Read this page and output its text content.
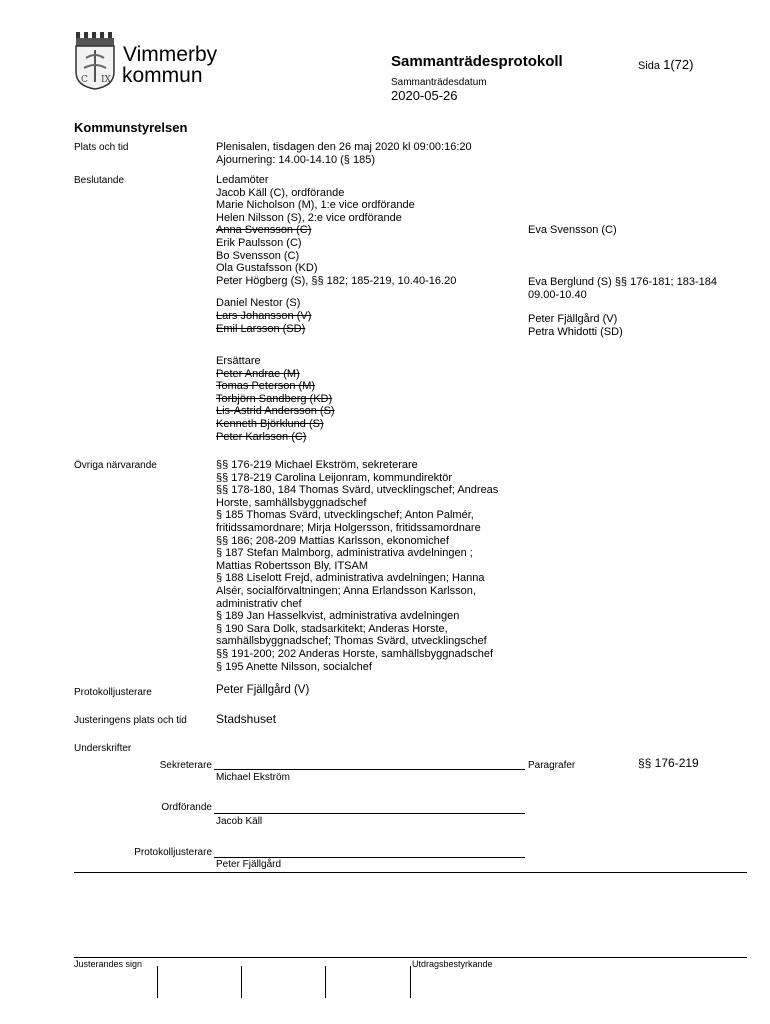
C IX
Vimmerby
kommun
Sammanträdesprotokoll	Sida 1(72)
Sammanträdesdatum
2020-05-26
Kommunstyrelsen
Plats och tid	Plenisalen, tisdagen den 26 maj 2020 kl 09:00:16:20
Ajournering: 14.00-14.10 (§ 185)
Beslutande	Ledamöter
Jacob Käll (C), ordförande
Marie Nicholson (M), 1:e vice ordförande
Helen Nilsson (S), 2:e vice ordförande
Anna Svensson (C)
Erik Paulsson (C)
Bo Svensson (C)
Ola Gustafsson (KD)
Peter Högberg (S), §§ 182; 185-219, 10.40-16.20
Daniel Nestor (S)
Lars Johansson (V)
Emil Larsson (SD)
Eva Svensson (C)
Eva Berglund (S) §§ 176-181; 183-184
09.00-10.40
Peter Fjällgård (V)
Petra Whidotti (SD)
Ersättare
Peter Andrae (M)
Tomas Peterson (M)
Torbjörn Sandberg (KD)
Lis-Astrid Andersson (S)
Kenneth Björklund (S)
Peter Karlsson (C)
Övriga närvarande	§§ 176-219 Michael Ekström, sekreterare
§§ 178-219 Carolina Leijonram, kommundirektör
§§ 178-180, 184 Thomas Svärd, utvecklingschef; Andreas
Horste, samhällsbyggnadschef
§ 185 Thomas Svärd, utvecklingschef; Anton Palmér,
fritidssamordnare; Mirja Holgersson, fritidssamordnare
§§ 186; 208-209 Mattias Karlsson, ekonomichef
§ 187 Stefan Malmborg, administrativa avdelningen ;
Mattias Robertsson Bly, ITSAM
§ 188 Liselott Frejd, administrativa avdelningen; Hanna
Alsér, socialförvaltningen; Anna Erlandsson Karlsson,
administrativ chef
§ 189 Jan Hasselkvist, administrativa avdelningen
§ 190 Sara Dolk, stadsarkitekt; Anderas Horste,
samhällsbyggnadschef; Thomas Svärd, utvecklingschef
§§ 191-200; 202 Anderas Horste, samhällsbyggnadschef
§ 195 Anette Nilsson, socialchef
Protokolljusterare	Peter Fjällgård (V)
Justeringens plats och tid Stadshuset
Underskrifter
Sekreterare
Michael Ekström
Paragrafer	§§ 176-219
Ordförande
Jacob Käll
Protokolljusterare
Peter Fjällgård
Justerandes sign	Utdragsbestyrkande
